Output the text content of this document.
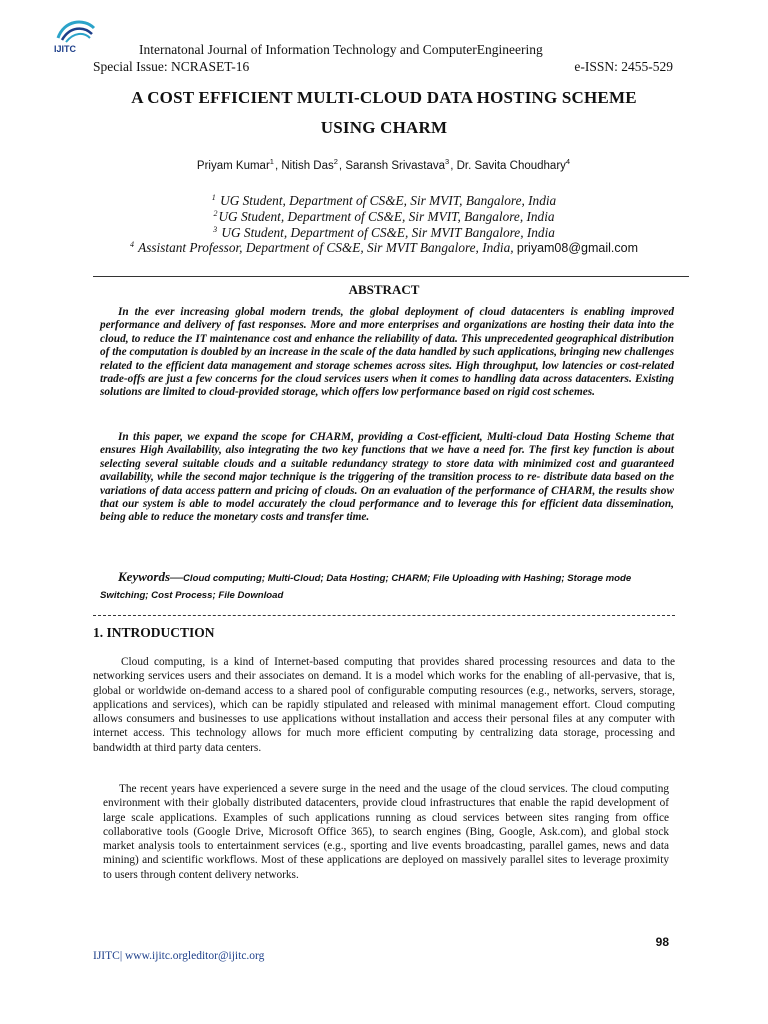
IJITC	Internatonal Journal of Information Technology and ComputerEngineering
Special Issue: NCRASET-16	e-ISSN: 2455-529
A COST EFFICIENT MULTI-CLOUD DATA HOSTING SCHEME
USING CHARM
Priyam Kumar$^1$, Nitish Das$^2$, Saransh Srivastava$^3$, Dr. Savita Choudhary$^4$
$^1$ UG Student, Department of CS&E, Sir MVIT, Bangalore, India
$^2$UG Student, Department of CS&E, Sir MVIT, Bangalore, India
$^3$ UG Student, Department of CS&E, Sir MVIT Bangalore, India
$^4$ Assistant Professor, Department of CS&E, Sir MVIT Bangalore, India, priyam08@gmail.com
ABSTRACT
In the ever increasing global modern trends, the global deployment of cloud datacenters is enabling improved performance and delivery of fast responses. More and more enterprises and organizations are hosting their data into the cloud, to reduce the IT maintenance cost and enhance the reliability of data. This unprecedented geographical distribution of the computation is doubled by an increase in the scale of the data handled by such applications, bringing new challenges related to the efficient data management and storage schemes across sites. High throughput, low latencies or cost-related trade-offs are just a few concerns for the cloud services users when it comes to handling data across datacenters. Existing solutions are limited to cloud-provided storage, which offers low performance based on rigid cost schemes.
In this paper, we expand the scope for CHARM, providing a Cost-efficient, Multi-cloud Data Hosting Scheme that ensures High Availability, also integrating the two key functions that we have a need for. The first key function is about selecting several suitable clouds and a suitable redundancy strategy to store data with minimized cost and guaranteed availability, while the second major technique is the triggering of the transition process to re- distribute data based on the variations of data access pattern and pricing of clouds. On an evaluation of the performance of CHARM, the results show that our system is able to model accurately the cloud performance and to leverage this for efficient data dissemination, being able to reduce the monetary costs and transfer time.
Keywords—Cloud computing; Multi-Cloud; Data Hosting; CHARM; File Uploading with Hashing; Storage mode Switching; Cost Process; File Download
1. INTRODUCTION
Cloud computing, is a kind of Internet-based computing that provides shared processing resources and data to the networking services users and their associates on demand. It is a model which works for the enabling of all-pervasive, that is, global or worldwide on-demand access to a shared pool of configurable computing resources (e.g., networks, servers, storage, applications and services), which can be rapidly stipulated and released with minimal management effort. Cloud computing allows consumers and businesses to use applications without installation and access their personal files at any computer with internet access. This technology allows for much more efficient computing by centralizing data storage, processing and bandwidth at third party data centers.
The recent years have experienced a severe surge in the need and the usage of the cloud services. The cloud computing environment with their globally distributed datacenters, provide cloud infrastructures that enable the rapid development of large scale applications. Examples of such applications running as cloud services between sites ranging from office collaborative tools (Google Drive, Microsoft Office 365), to search engines (Bing, Google, Ask.com), and global stock market analysis tools to entertainment services (e.g., sporting and live events broadcasting, parallel games, news and data mining) and scientific workflows. Most of these applications are deployed on massively parallel sites to leverage proximity to users through content delivery networks.
98
IJITC| www.ijitc.orgleditor@ijitc.org
